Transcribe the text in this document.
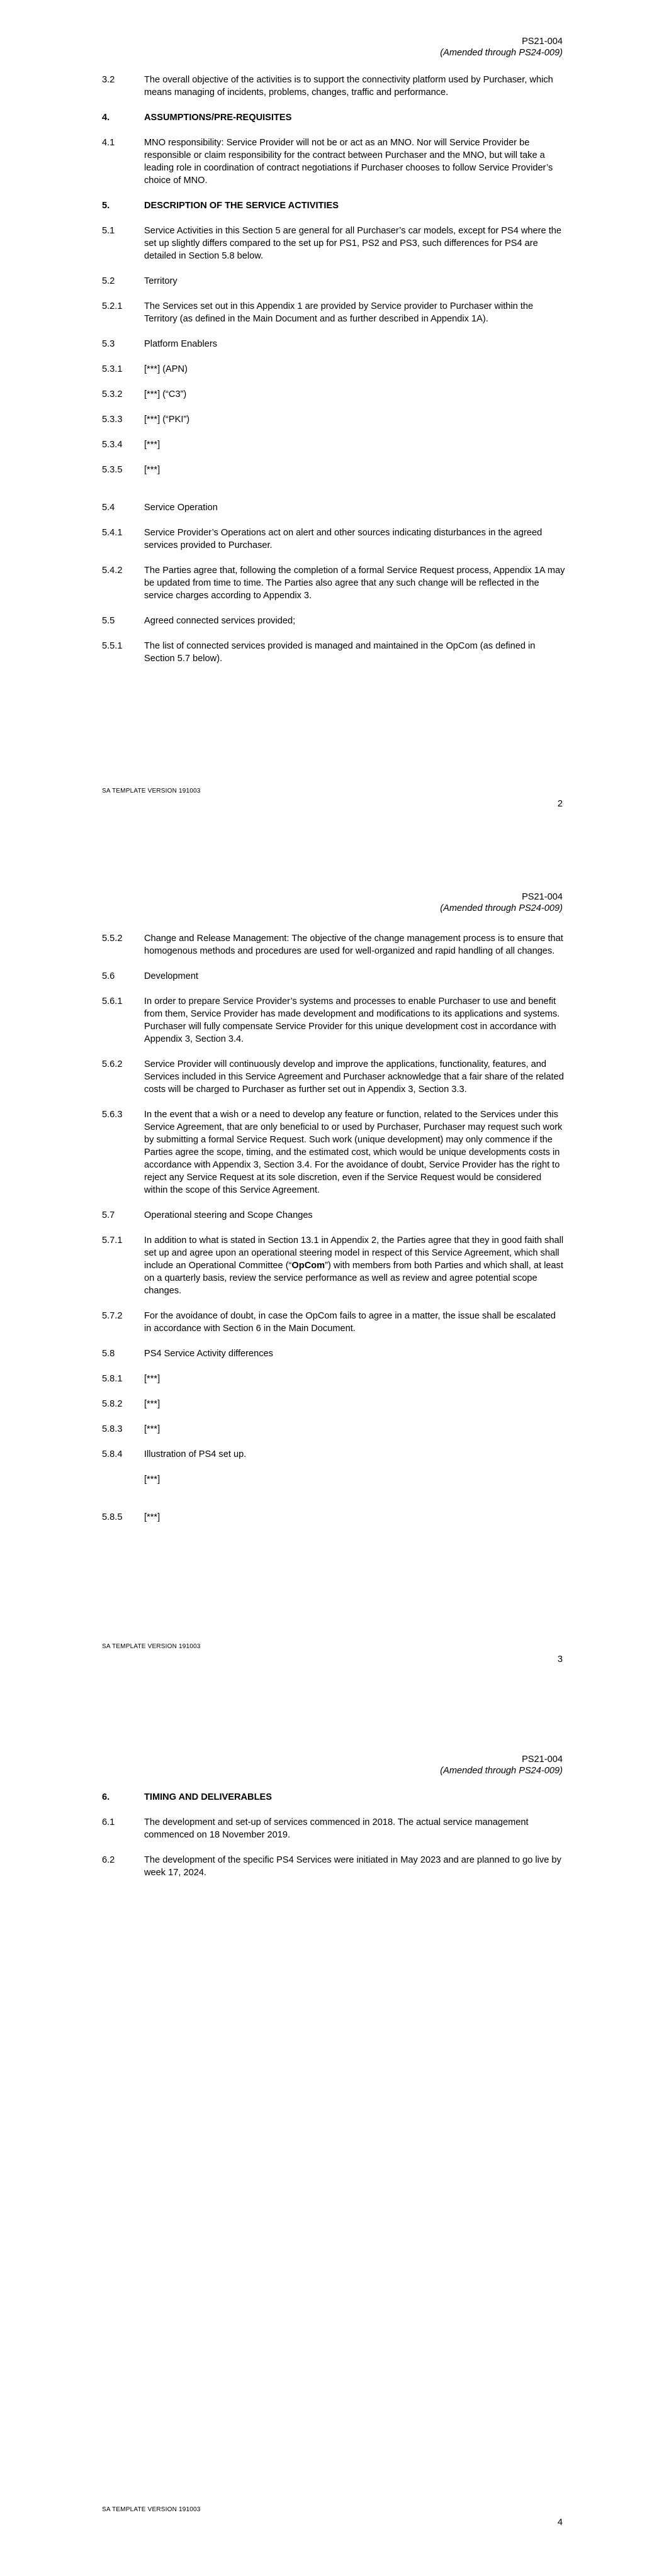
PS21-004
(Amended through PS24-009)
3.2	The overall objective of the activities is to support the connectivity platform used by Purchaser, which means managing of incidents, problems, changes, traffic and performance.
4.	ASSUMPTIONS/PRE-REQUISITES
4.1	MNO responsibility: Service Provider will not be or act as an MNO. Nor will Service Provider be responsible or claim responsibility for the contract between Purchaser and the MNO, but will take a leading role in coordination of contract negotiations if Purchaser chooses to follow Service Provider’s choice of MNO.
5.	DESCRIPTION OF THE SERVICE ACTIVITIES
5.1	Service Activities in this Section 5 are general for all Purchaser’s car models, except for PS4 where the set up slightly differs compared to the set up for PS1, PS2 and PS3, such differences for PS4 are detailed in Section 5.8 below.
5.2	Territory
5.2.1	The Services set out in this Appendix 1 are provided by Service provider to Purchaser within the Territory (as defined in the Main Document and as further described in Appendix 1A).
5.3	Platform Enablers
5.3.1	[***] (APN)
5.3.2	[***] (“C3”)
5.3.3	[***] (“PKI”)
5.3.4	[***]
5.3.5	[***]
5.4	Service Operation
5.4.1	Service Provider’s Operations act on alert and other sources indicating disturbances in the agreed services provided to Purchaser.
5.4.2	The Parties agree that, following the completion of a formal Service Request process, Appendix 1A may be updated from time to time. The Parties also agree that any such change will be reflected in the service charges according to Appendix 3.
5.5	Agreed connected services provided;
5.5.1	The list of connected services provided is managed and maintained in the OpCom (as defined in Section 5.7 below).
SA TEMPLATE VERSION 191003
2
PS21-004
(Amended through PS24-009)
5.5.2	Change and Release Management: The objective of the change management process is to ensure that homogenous methods and procedures are used for well-organized and rapid handling of all changes.
5.6	Development
5.6.1	In order to prepare Service Provider’s systems and processes to enable Purchaser to use and benefit from them, Service Provider has made development and modifications to its applications and systems. Purchaser will fully compensate Service Provider for this unique development cost in accordance with Appendix 3, Section 3.4.
5.6.2	Service Provider will continuously develop and improve the applications, functionality, features, and Services included in this Service Agreement and Purchaser acknowledge that a fair share of the related costs will be charged to Purchaser as further set out in Appendix 3, Section 3.3.
5.6.3	In the event that a wish or a need to develop any feature or function, related to the Services under this Service Agreement, that are only beneficial to or used by Purchaser, Purchaser may request such work by submitting a formal Service Request. Such work (unique development) may only commence if the Parties agree the scope, timing, and the estimated cost, which would be unique developments costs in accordance with Appendix 3, Section 3.4. For the avoidance of doubt, Service Provider has the right to reject any Service Request at its sole discretion, even if the Service Request would be considered within the scope of this Service Agreement.
5.7	Operational steering and Scope Changes
5.7.1	In addition to what is stated in Section 13.1 in Appendix 2, the Parties agree that they in good faith shall set up and agree upon an operational steering model in respect of this Service Agreement, which shall include an Operational Committee (“OpCom”) with members from both Parties and which shall, at least on a quarterly basis, review the service performance as well as review and agree potential scope changes.
5.7.2	For the avoidance of doubt, in case the OpCom fails to agree in a matter, the issue shall be escalated in accordance with Section 6 in the Main Document.
5.8	PS4 Service Activity differences
5.8.1	[***]
5.8.2	[***]
5.8.3	[***]
5.8.4	Illustration of PS4 set up.
[***]
5.8.5	[***]
SA TEMPLATE VERSION 191003
3
PS21-004
(Amended through PS24-009)
6.	TIMING AND DELIVERABLES
6.1	The development and set-up of services commenced in 2018. The actual service management commenced on 18 November 2019.
6.2	The development of the specific PS4 Services were initiated in May 2023 and are planned to go live by week 17, 2024.
SA TEMPLATE VERSION 191003
4
